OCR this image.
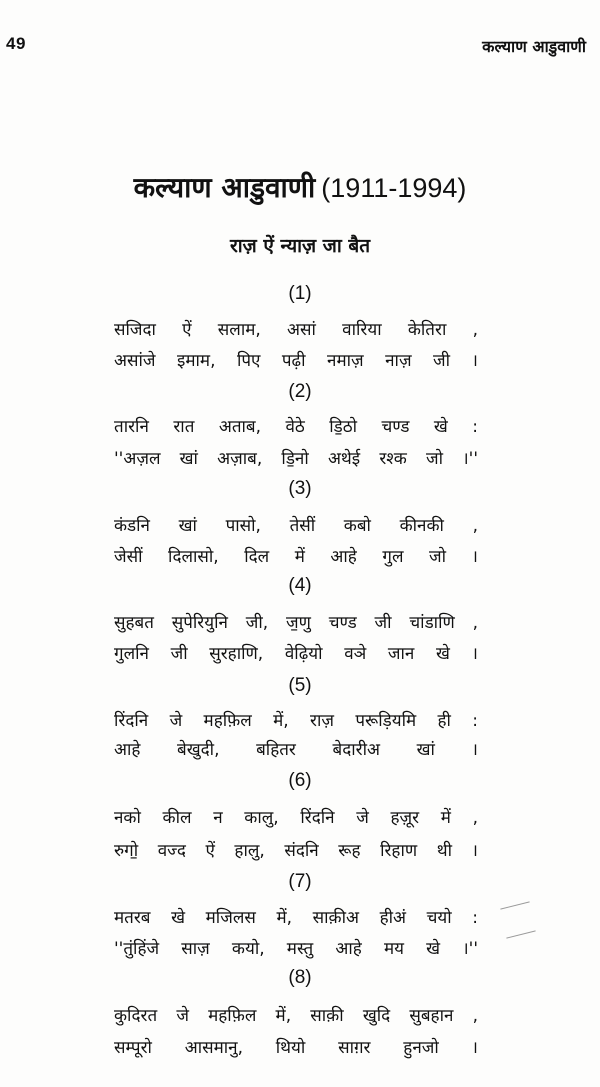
49	कल्याण आडुवाणी
कल्याण आडुवाणी (1911-1994)
राज़ ऐं न्याज़ जा बैत
(1)
सजिदा ऐं सलाम, असां वारिया केतिरा ,
असांजे इमाम, पिए पढ़ी नमाज़ नाज़ जी ।
(2)
तारनि रात अताब, वेठे डि॒ठो चण्ड खे :
''अज़ल खां अज़ाब, डि॒नो अथेई रश्क जो ।''
(3)
कंडनि खां पासो, तेसीं कबो कीनकी ,
जेसीं दिलासो, दिल में आहे गुल जो ।
(4)
सुहबत सुपेरियुनि जी, ज॒णु चण्ड जी चांडाणि ,
गुलनि जी सुरहाणि, वेढ़ियो वञे जान खे ।
(5)
रिंदनि जे महफ़िल में, राज़ परूड़ियमि ही :
आहे बेखुदी, बहितर बेदारीअ खां ।
(6)
नको कील न कालु, रिंदनि जे हज़ूर में ,
रुगो॒ वज्द ऐं हालु, संदनि रूह रिहाण थी ।
(7)
मतरब खे मजिलस में, साक़ीअ हीअं चयो :
''तुंहिंजे साज़ कयो, मस्तु आहे मय खे ।''
(8)
कुदिरत जे महफ़िल में, साक़ी खुदि सुबहान ,
सम्पूरो आसमानु, थियो साग़र हुनजो ।
